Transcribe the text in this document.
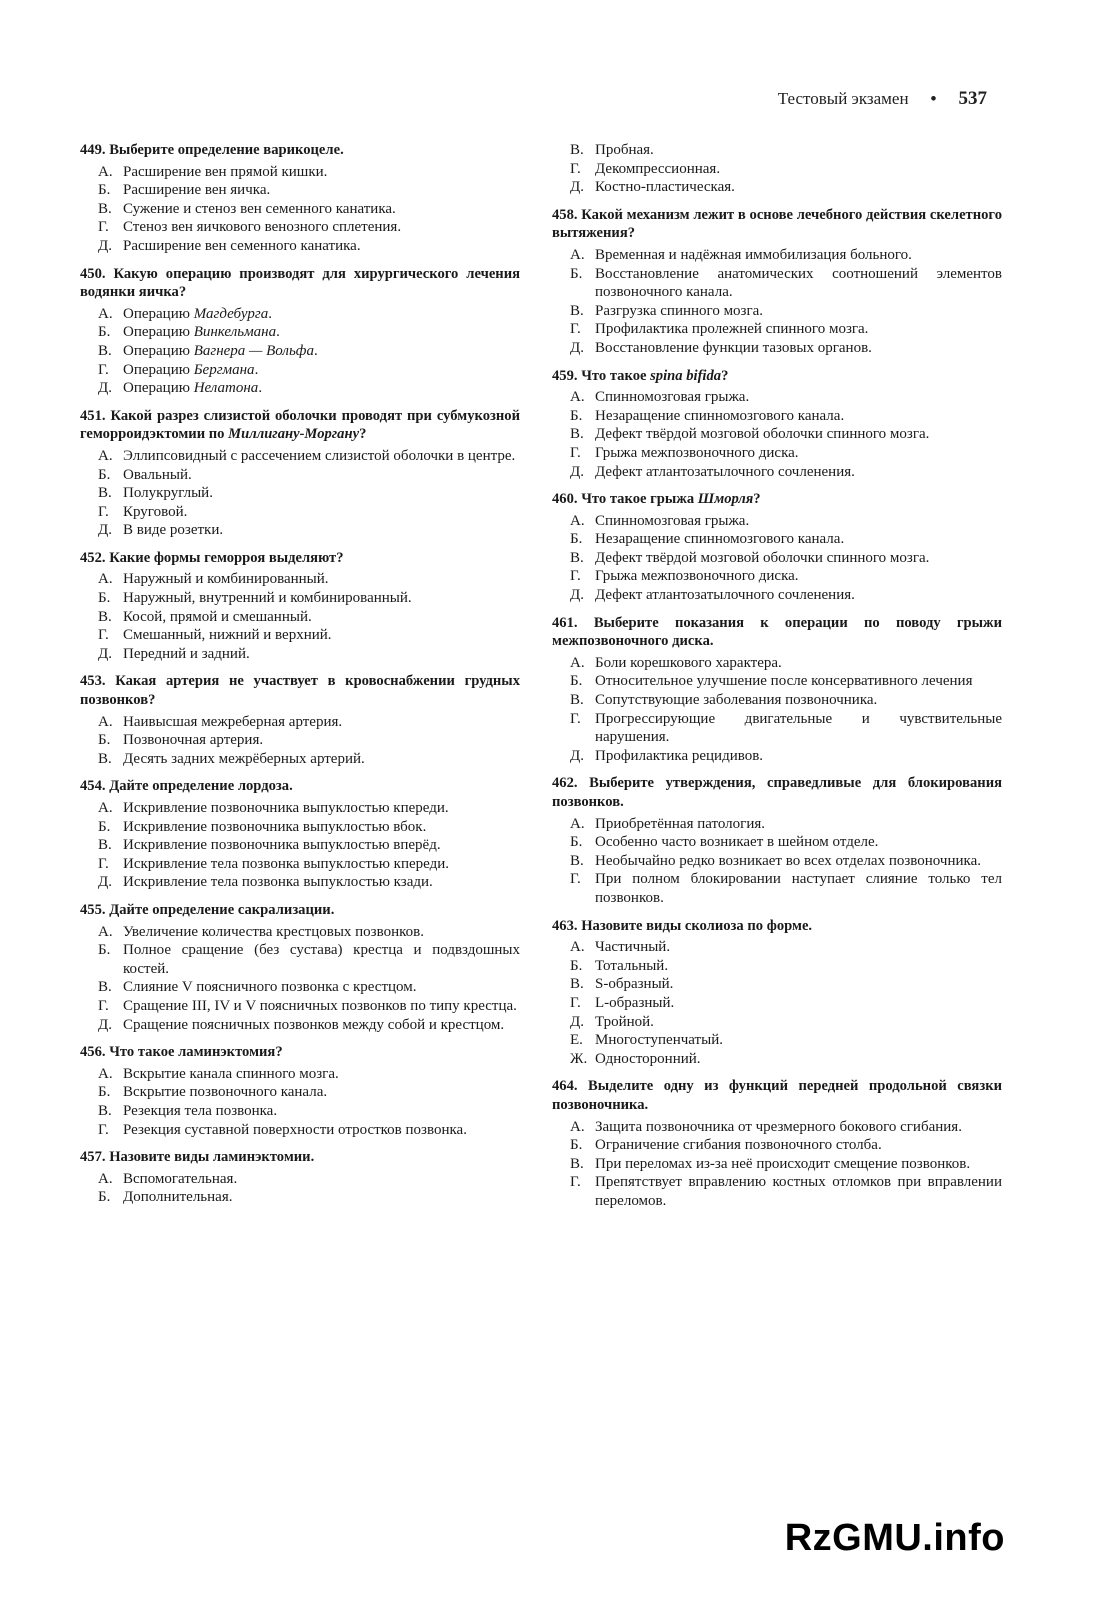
Тестовый экзамен • 537

449. Выберите определение варикоцеле.

А. Расширение вен прямой кишки.
Б. Расширение вен яичка.
В. Сужение и стеноз вен семенного канатика.
Г. Стеноз вен яичкового венозного сплетения.
Д. Расширение вен семенного канатика.

450. Какую операцию производят для хирургического лечения водянки яичка?

А. Операцию Магдебурга.
Б. Операцию Винкельмана.
В. Операцию Вагнера — Вольфа.
Г. Операцию Бергмана.
Д. Операцию Нелатона.

451. Какой разрез слизистой оболочки проводят при субмукозной геморроидэктомии по Миллигану-Моргану?

А. Эллипсовидный с рассечением слизистой оболочки в центре.
Б. Овальный.
В. Полукруглый.
Г. Круговой.
Д. В виде розетки.

452. Какие формы геморроя выделяют?

А. Наружный и комбинированный.
Б. Наружный, внутренний и комбинированный.
В. Косой, прямой и смешанный.
Г. Смешанный, нижний и верхний.
Д. Передний и задний.

453. Какая артерия не участвует в кровоснабжении грудных позвонков?

А. Наивысшая межреберная артерия.
Б. Позвоночная артерия.
В. Десять задних межрёберных артерий.

454. Дайте определение лордоза.

А. Искривление позвоночника выпуклостью кпереди.
Б. Искривление позвоночника выпуклостью вбок.
В. Искривление позвоночника выпуклостью вперёд.
Г. Искривление тела позвонка выпуклостью кпереди.
Д. Искривление тела позвонка выпуклостью кзади.

455. Дайте определение сакрализации.

А. Увеличение количества крестцовых позвонков.
Б. Полное сращение (без сустава) крестца и подвздошных костей.
В. Слияние V поясничного позвонка с крестцом.
Г. Сращение III, IV и V поясничных позвонков по типу крестца.
Д. Сращение поясничных позвонков между собой и крестцом.

456. Что такое ламинэктомия?

А. Вскрытие канала спинного мозга.
Б. Вскрытие позвоночного канала.
В. Резекция тела позвонка.
Г. Резекция суставной поверхности отростков позвонка.

457. Назовите виды ламинэктомии.

А. Вспомогательная.
Б. Дополнительная.
В. Пробная.
Г. Декомпрессионная.
Д. Костно-пластическая.

458. Какой механизм лежит в основе лечебного действия скелетного вытяжения?

А. Временная и надёжная иммобилизация больного.
Б. Восстановление анатомических соотношений элементов позвоночного канала.
В. Разгрузка спинного мозга.
Г. Профилактика пролежней спинного мозга.
Д. Восстановление функции тазовых органов.

459. Что такое spina bifida?

А. Спинномозговая грыжа.
Б. Незаращение спинномозгового канала.
В. Дефект твёрдой мозговой оболочки спинного мозга.
Г. Грыжа межпозвоночного диска.
Д. Дефект атлантозатылочного сочленения.

460. Что такое грыжа Шморля?

А. Спинномозговая грыжа.
Б. Незаращение спинномозгового канала.
В. Дефект твёрдой мозговой оболочки спинного мозга.
Г. Грыжа межпозвоночного диска.
Д. Дефект атлантозатылочного сочленения.

461. Выберите показания к операции по поводу грыжи межпозвоночного диска.

А. Боли корешкового характера.
Б. Относительное улучшение после консервативного лечения
В. Сопутствующие заболевания позвоночника.
Г. Прогрессирующие двигательные и чувствительные нарушения.
Д. Профилактика рецидивов.

462. Выберите утверждения, справедливые для блокирования позвонков.

А. Приобретённая патология.
Б. Особенно часто возникает в шейном отделе.
В. Необычайно редко возникает во всех отделах позвоночника.
Г. При полном блокировании наступает слияние только тел позвонков.

463. Назовите виды сколиоза по форме.

А. Частичный.
Б. Тотальный.
В. S-образный.
Г. L-образный.
Д. Тройной.
Е. Многоступенчатый.
Ж. Односторонний.

464. Выделите одну из функций передней продольной связки позвоночника.

А. Защита позвоночника от чрезмерного бокового сгибания.
Б. Ограничение сгибания позвоночного столба.
В. При переломах из-за неё происходит смещение позвонков.
Г. Препятствует вправлению костных отломков при вправлении переломов.
RzGMU.info
